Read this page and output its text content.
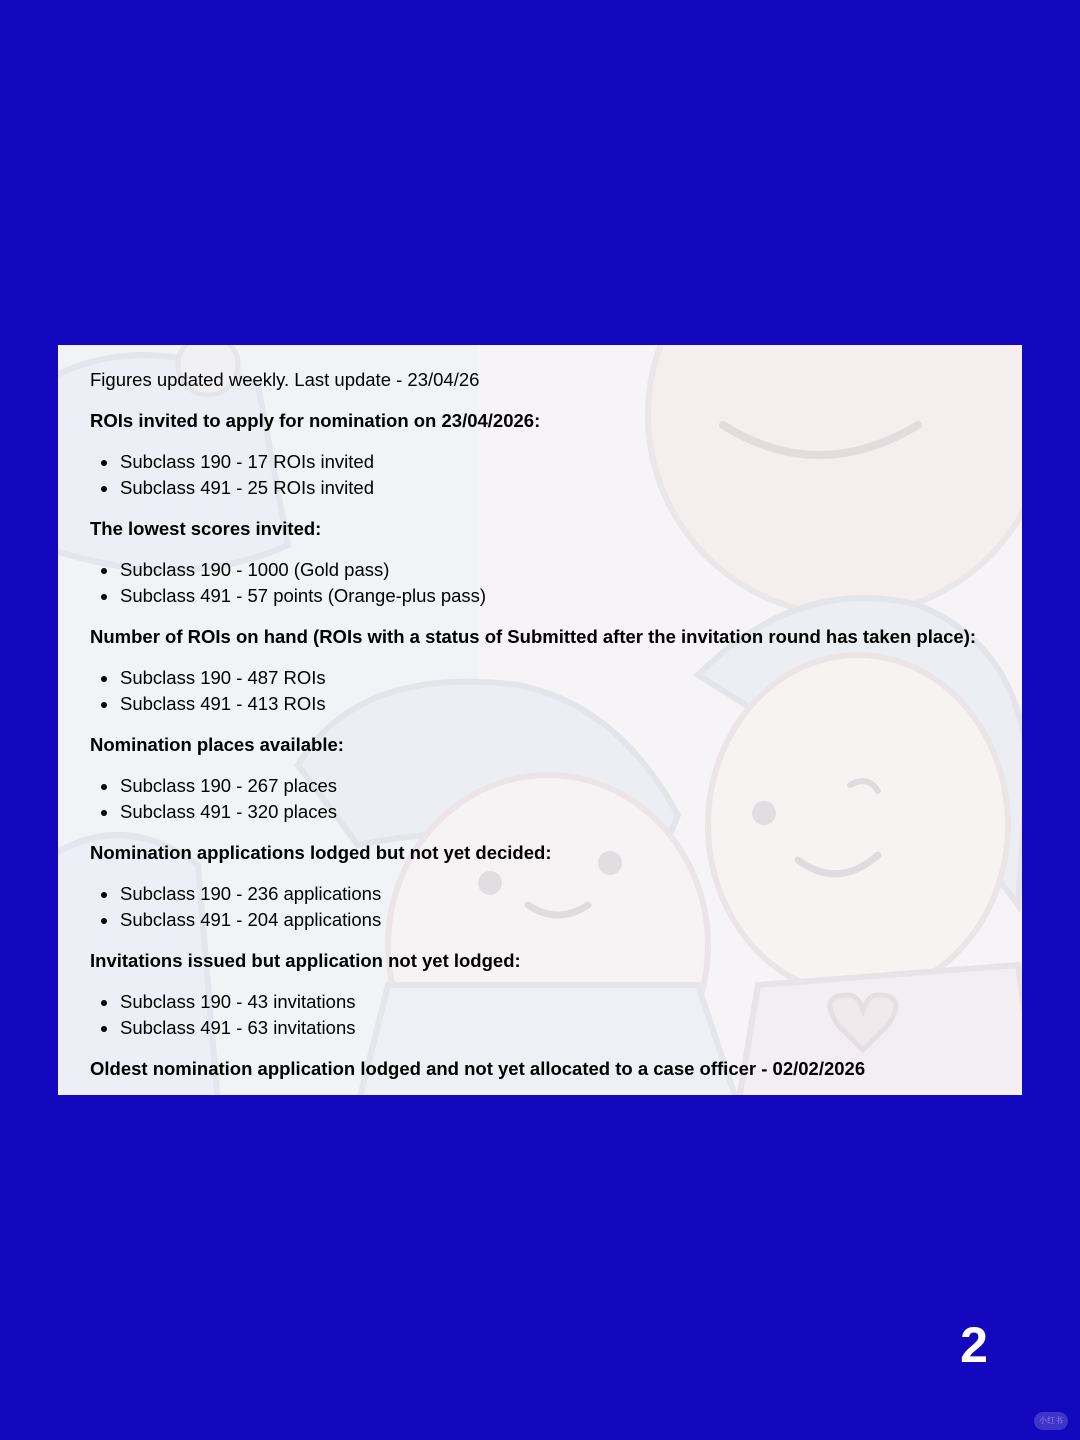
Figures updated weekly. Last update - 23/04/26

ROIs invited to apply for nomination on 23/04/2026:

Subclass 190 - 17 ROIs invited
Subclass 491 - 25 ROIs invited

The lowest scores invited:

Subclass 190 - 1000 (Gold pass)
Subclass 491 - 57 points (Orange-plus pass)

Number of ROIs on hand (ROIs with a status of Submitted after the invitation round has taken place):

Subclass 190 - 487 ROIs
Subclass 491 - 413 ROIs

Nomination places available:

Subclass 190 - 267 places
Subclass 491 - 320 places

Nomination applications lodged but not yet decided:

Subclass 190 - 236 applications
Subclass 491 - 204 applications

Invitations issued but application not yet lodged:

Subclass 190 - 43 invitations
Subclass 491 - 63 invitations

Oldest nomination application lodged and not yet allocated to a case officer - 02/02/2026

2
小红书
